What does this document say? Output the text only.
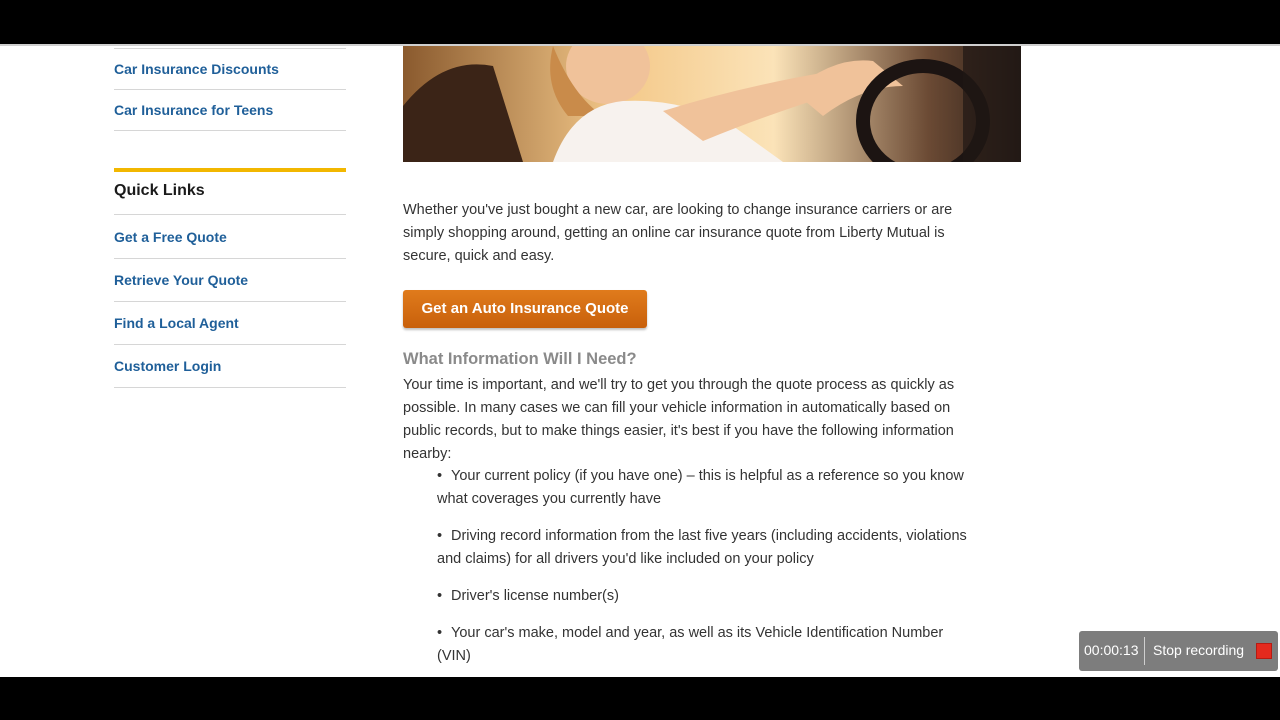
Car Insurance Discounts
Car Insurance for Teens
Quick Links
Get a Free Quote
Retrieve Your Quote
Find a Local Agent
Customer Login
Whether you've just bought a new car, are looking to change insurance carriers or are simply shopping around, getting an online car insurance quote from Liberty Mutual is secure, quick and easy.
Get an Auto Insurance Quote
What Information Will I Need?
Your time is important, and we'll try to get you through the quote process as quickly as possible. In many cases we can fill your vehicle information in automatically based on public records, but to make things easier, it's best if you have the following information nearby:
• Your current policy (if you have one) – this is helpful as a reference so you know what coverages you currently have
• Driving record information from the last five years (including accidents, violations and claims) for all drivers you'd like included on your policy
• Driver's license number(s)
• Your car's make, model and year, as well as its Vehicle Identification Number (VIN)	00:00:13 Stop recording
